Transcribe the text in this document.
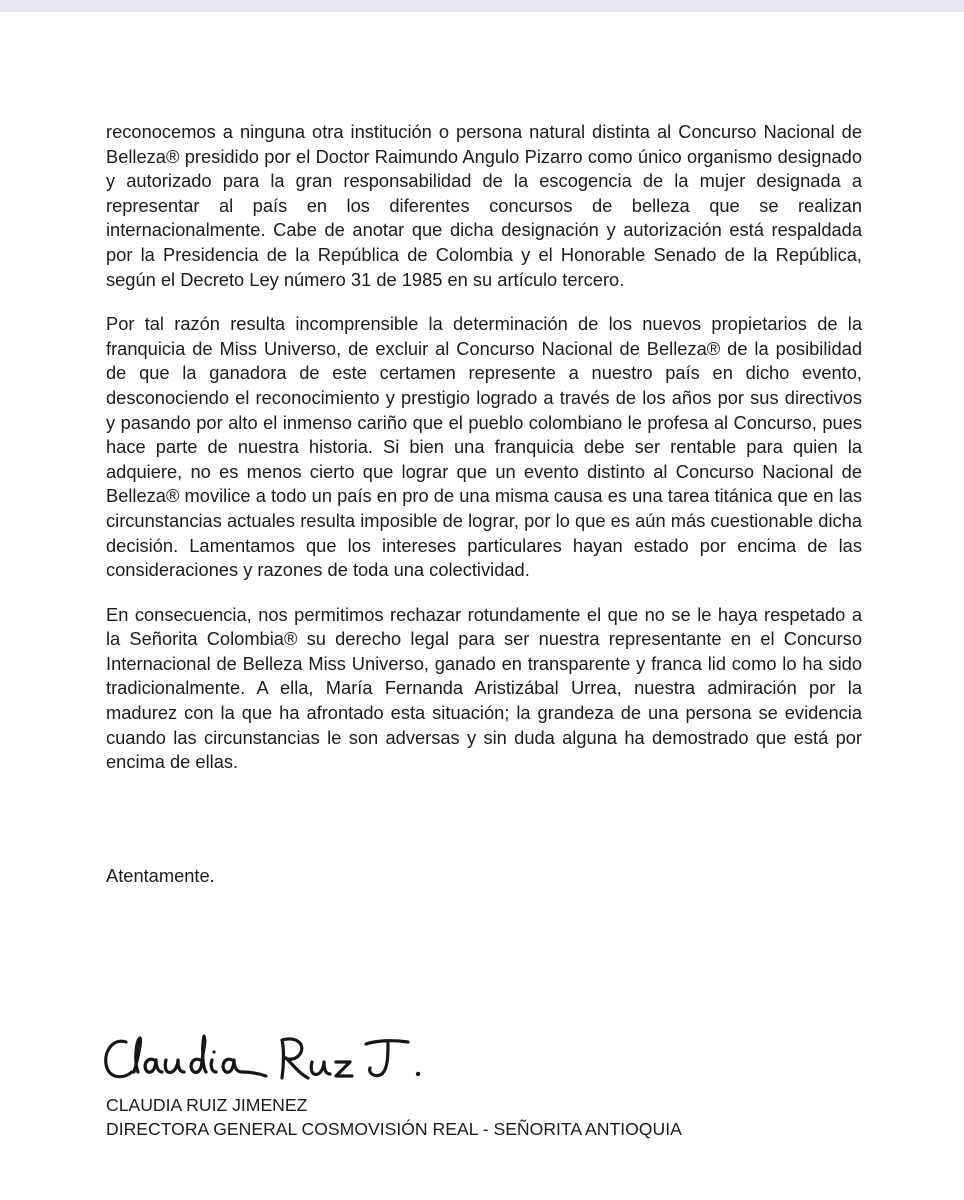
reconocemos a ninguna otra institución o persona natural distinta al Concurso Nacional de Belleza® presidido por el Doctor Raimundo Angulo Pizarro como único organismo designado y autorizado para la gran responsabilidad de la escogencia de la mujer designada a representar al país en los diferentes concursos de belleza que se realizan internacionalmente. Cabe de anotar que dicha designación y autorización está respaldada por la Presidencia de la República de Colombia y el Honorable Senado de la República, según el Decreto Ley número 31 de 1985 en su artículo tercero.

Por tal razón resulta incomprensible la determinación de los nuevos propietarios de la franquicia de Miss Universo, de excluir al Concurso Nacional de Belleza® de la posibilidad de que la ganadora de este certamen represente a nuestro país en dicho evento, desconociendo el reconocimiento y prestigio logrado a través de los años por sus directivos y pasando por alto el inmenso cariño que el pueblo colombiano le profesa al Concurso, pues hace parte de nuestra historia. Si bien una franquicia debe ser rentable para quien la adquiere, no es menos cierto que lograr que un evento distinto al Concurso Nacional de Belleza® movilice a todo un país en pro de una misma causa es una tarea titánica que en las circunstancias actuales resulta imposible de lograr, por lo que es aún más cuestionable dicha decisión. Lamentamos que los intereses particulares hayan estado por encima de las consideraciones y razones de toda una colectividad.

En consecuencia, nos permitimos rechazar rotundamente el que no se le haya respetado a la Señorita Colombia® su derecho legal para ser nuestra representante en el Concurso Internacional de Belleza Miss Universo, ganado en transparente y franca lid como lo ha sido tradicionalmente. A ella, María Fernanda Aristizábal Urrea, nuestra admiración por la madurez con la que ha afrontado esta situación; la grandeza de una persona se evidencia cuando las circunstancias le son adversas y sin duda alguna ha demostrado que está por encima de ellas.

Atentamente.
CLAUDIA RUIZ JIMENEZ
DIRECTORA GENERAL COSMOVISIÓN REAL - SEÑORITA ANTIOQUIA
